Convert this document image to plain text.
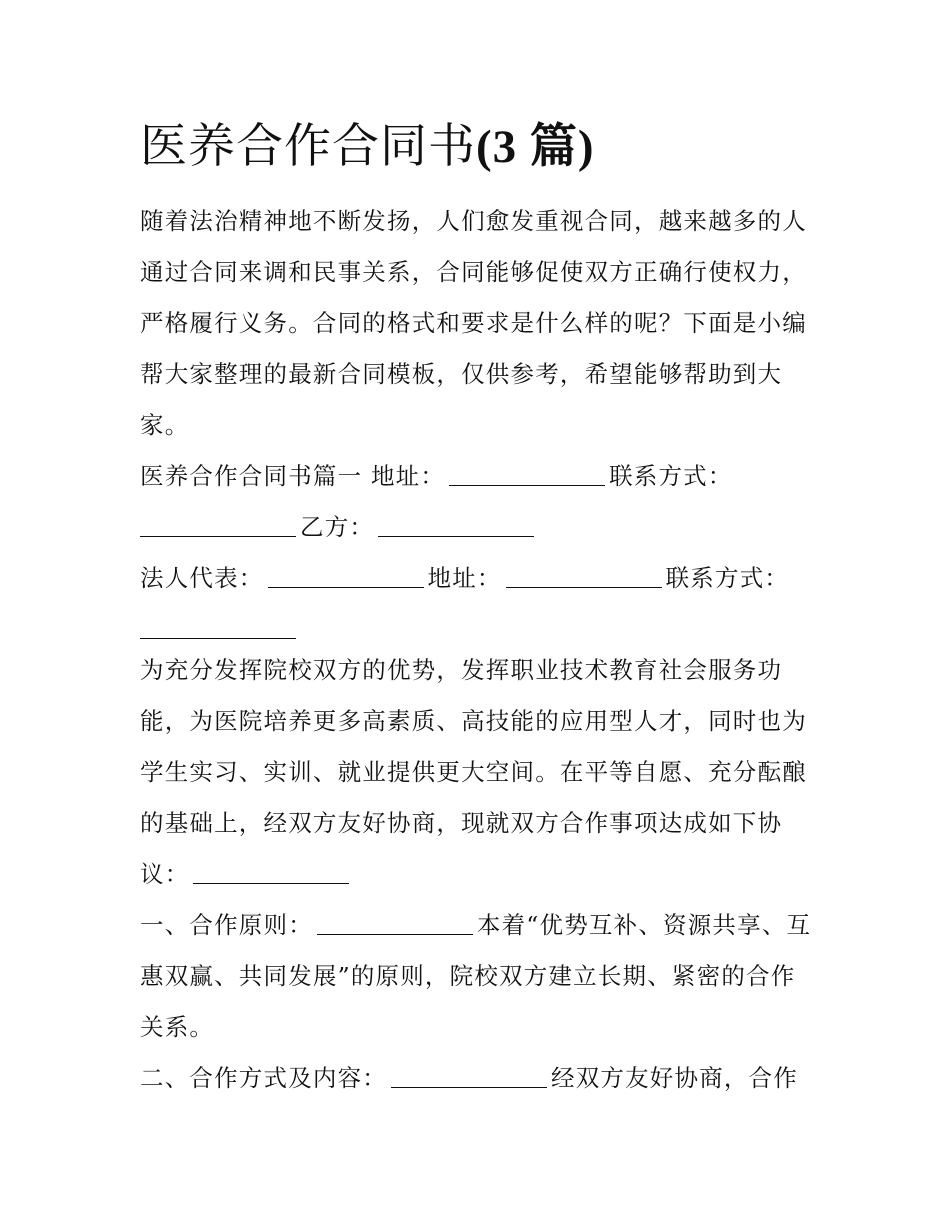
医养合作合同书(3 篇)
随着法治精神地不断发扬，人们愈发重视合同，越来越多的人
通过合同来调和民事关系，合同能够促使双方正确行使权力，
严格履行义务。合同的格式和要求是什么样的呢？下面是小编
帮大家整理的最新合同模板，仅供参考，希望能够帮助到大
家。
医养合作合同书篇一 地址：	联系方式：
乙方：
法人代表：	地址：	联系方式：
为充分发挥院校双方的优势，发挥职业技术教育社会服务功
能，为医院培养更多高素质、高技能的应用型人才，同时也为
学生实习、实训、就业提供更大空间。在平等自愿、充分酝酿
的基础上，经双方友好协商，现就双方合作事项达成如下协
议：
一、合作原则：	本着“优势互补、资源共享、互
惠双赢、共同发展”的原则，院校双方建立长期、紧密的合作
关系。
二、合作方式及内容：	经双方友好协商，合作
